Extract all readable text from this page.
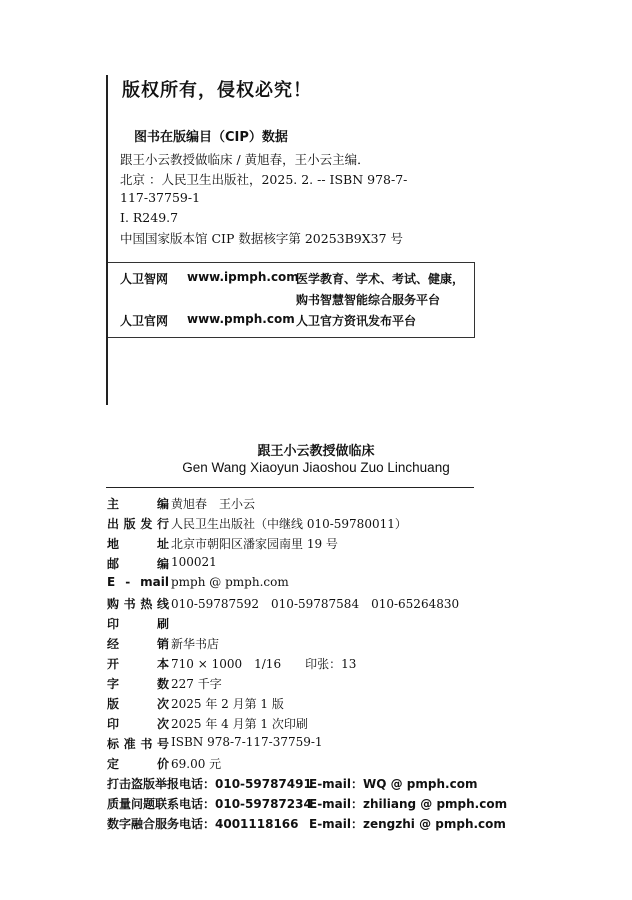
版权所有，侵权必究！
图书在版编目（CIP）数据
跟王小云教授做临床 / 黄旭春，王小云主编．
北京 ：人民卫生出版社，2025. 2. -- ISBN 978-7-
117-37759-1
Ⅰ. R249.7
中国国家版本馆 CIP 数据核字第 20253B9X37 号
人卫智网 www.ipmph.com
医学教育、学术、考试、健康，
购书智慧智能综合服务平台
人卫官网 www.pmph.com 人卫官方资讯发布平台
跟王小云教授做临床
Gen Wang Xiaoyun Jiaoshou Zuo Linchuang
主　　编 黄旭春　王小云
出版发行 人民卫生出版社（中继线 010-59780011）
地　　址 北京市朝阳区潘家园南里 19 号
邮　　编 100021
E - mail pmph @ pmph.com
购书热线 010-59787592　010-59787584　010-65264830
印　　刷
经　　销 新华书店
开　　本 710 × 1000　1/16　　印张：13
字　　数 227 千字
版　　次 2025 年 2 月第 1 版
印　　次 2025 年 4 月第 1 次印刷
标准书号 ISBN 978-7-117-37759-1
定　　价 69.00 元
打击盗版举报电话：010-59787491
E-mail：WQ @ pmph.com
质量问题联系电话：010-59787234
E-mail：zhiliang @ pmph.com
数字融合服务电话：4001118166 E-mail：zengzhi @ pmph.com
